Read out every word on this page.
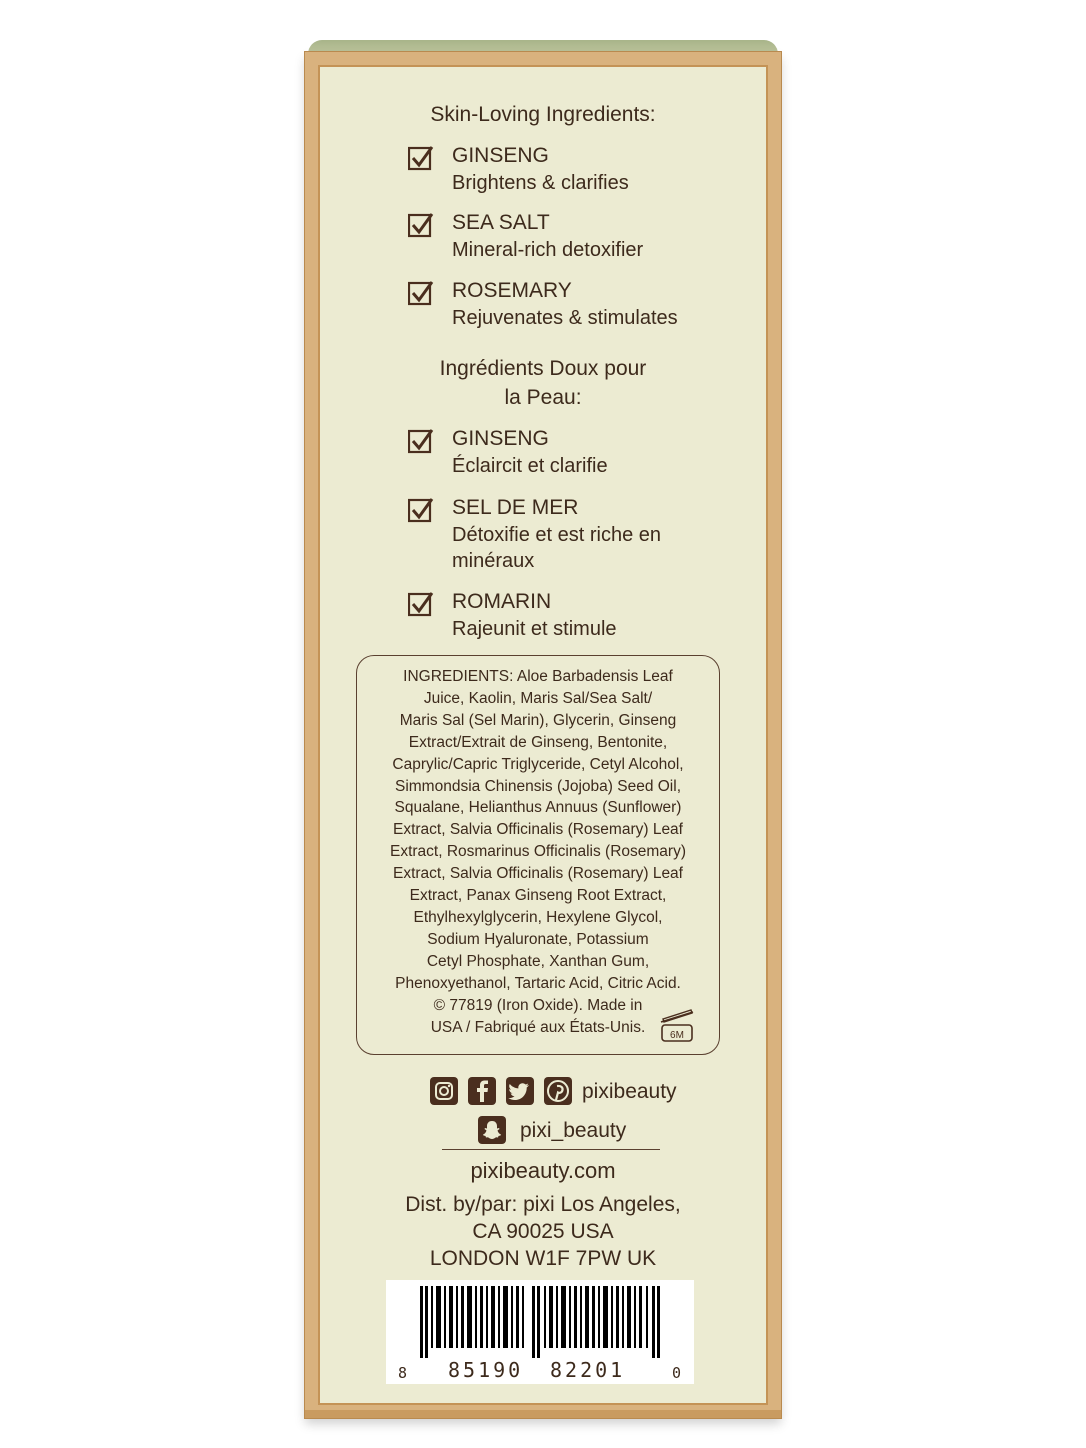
Skin-Loving Ingredients:
GINSENG
Brightens & clarifies
SEA SALT
Mineral-rich detoxifier
ROSEMARY
Rejuvenates & stimulates
Ingrédients Doux pour
la Peau:
GINSENG
Éclaircit et clarifie
SEL DE MER
Détoxifie et est riche en minéraux
ROMARIN
Rajeunit et stimule
INGREDIENTS: Aloe Barbadensis Leaf
Juice, Kaolin, Maris Sal/Sea Salt/
Maris Sal (Sel Marin), Glycerin, Ginseng
Extract/Extrait de Ginseng, Bentonite,
Caprylic/Capric Triglyceride, Cetyl Alcohol,
Simmondsia Chinensis (Jojoba) Seed Oil,
Squalane, Helianthus Annuus (Sunflower)
Extract, Salvia Officinalis (Rosemary) Leaf
Extract, Rosmarinus Officinalis (Rosemary)
Extract, Salvia Officinalis (Rosemary) Leaf
Extract, Panax Ginseng Root Extract,
Ethylhexylglycerin, Hexylene Glycol,
Sodium Hyaluronate, Potassium
Cetyl Phosphate, Xanthan Gum,
Phenoxyethanol, Tartaric Acid, Citric Acid.
© 77819 (Iron Oxide). Made in
USA / Fabriqué aux États-Unis.	6M
pixibeauty
pixi_beauty
pixibeauty.com
Dist. by/par: pixi Los Angeles,
CA 90025 USA
LONDON W1F 7PW UK
8 85190 82201	0
